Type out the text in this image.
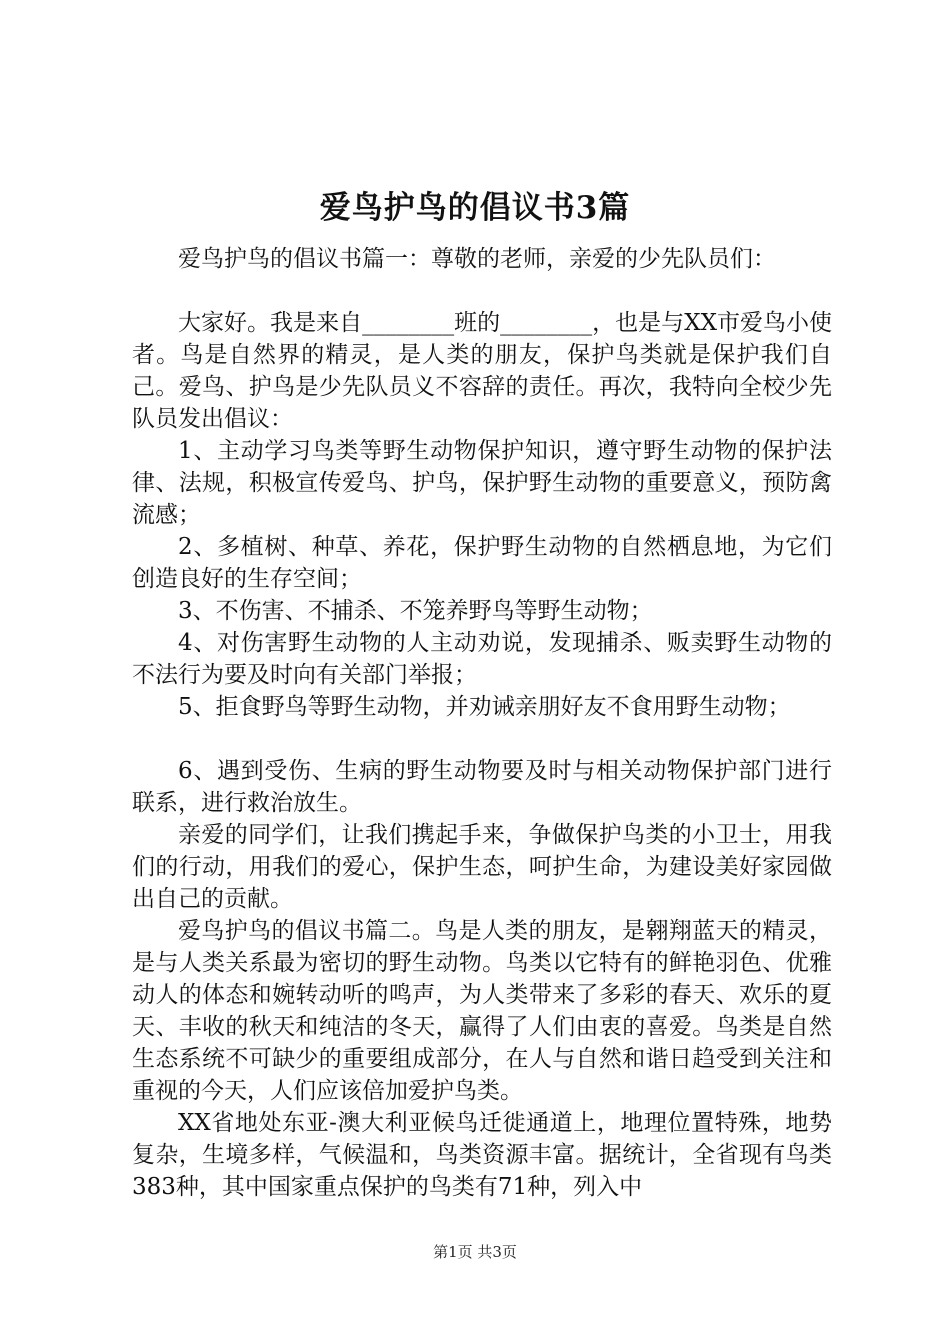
爱鸟护鸟的倡议书3篇

爱鸟护鸟的倡议书篇一：尊敬的老师，亲爱的少先队员们：

大家好。我是来自________班的________，也是与XX市爱鸟小使者。鸟是自然界的精灵，是人类的朋友，保护鸟类就是保护我们自己。爱鸟、护鸟是少先队员义不容辞的责任。再次，我特向全校少先队员发出倡议：

1、主动学习鸟类等野生动物保护知识，遵守野生动物的保护法律、法规，积极宣传爱鸟、护鸟，保护野生动物的重要意义，预防禽流感；

2、多植树、种草、养花，保护野生动物的自然栖息地，为它们创造良好的生存空间；

3、不伤害、不捕杀、不笼养野鸟等野生动物；

4、对伤害野生动物的人主动劝说，发现捕杀、贩卖野生动物的不法行为要及时向有关部门举报；

5、拒食野鸟等野生动物，并劝诫亲朋好友不食用野生动物；

6、遇到受伤、生病的野生动物要及时与相关动物保护部门进行联系，进行救治放生。

亲爱的同学们，让我们携起手来，争做保护鸟类的小卫士，用我们的行动，用我们的爱心，保护生态，呵护生命，为建设美好家园做出自己的贡献。

爱鸟护鸟的倡议书篇二。鸟是人类的朋友，是翱翔蓝天的精灵，是与人类关系最为密切的野生动物。鸟类以它特有的鲜艳羽色、优雅动人的体态和婉转动听的鸣声，为人类带来了多彩的春天、欢乐的夏天、丰收的秋天和纯洁的冬天，赢得了人们由衷的喜爱。鸟类是自然生态系统不可缺少的重要组成部分，在人与自然和谐日趋受到关注和重视的今天，人们应该倍加爱护鸟类。

XX省地处东亚-澳大利亚候鸟迁徙通道上，地理位置特殊，地势复杂，生境多样，气候温和，鸟类资源丰富。据统计，全省现有鸟类383种，其中国家重点保护的鸟类有71种，列入中

第1页 共3页
